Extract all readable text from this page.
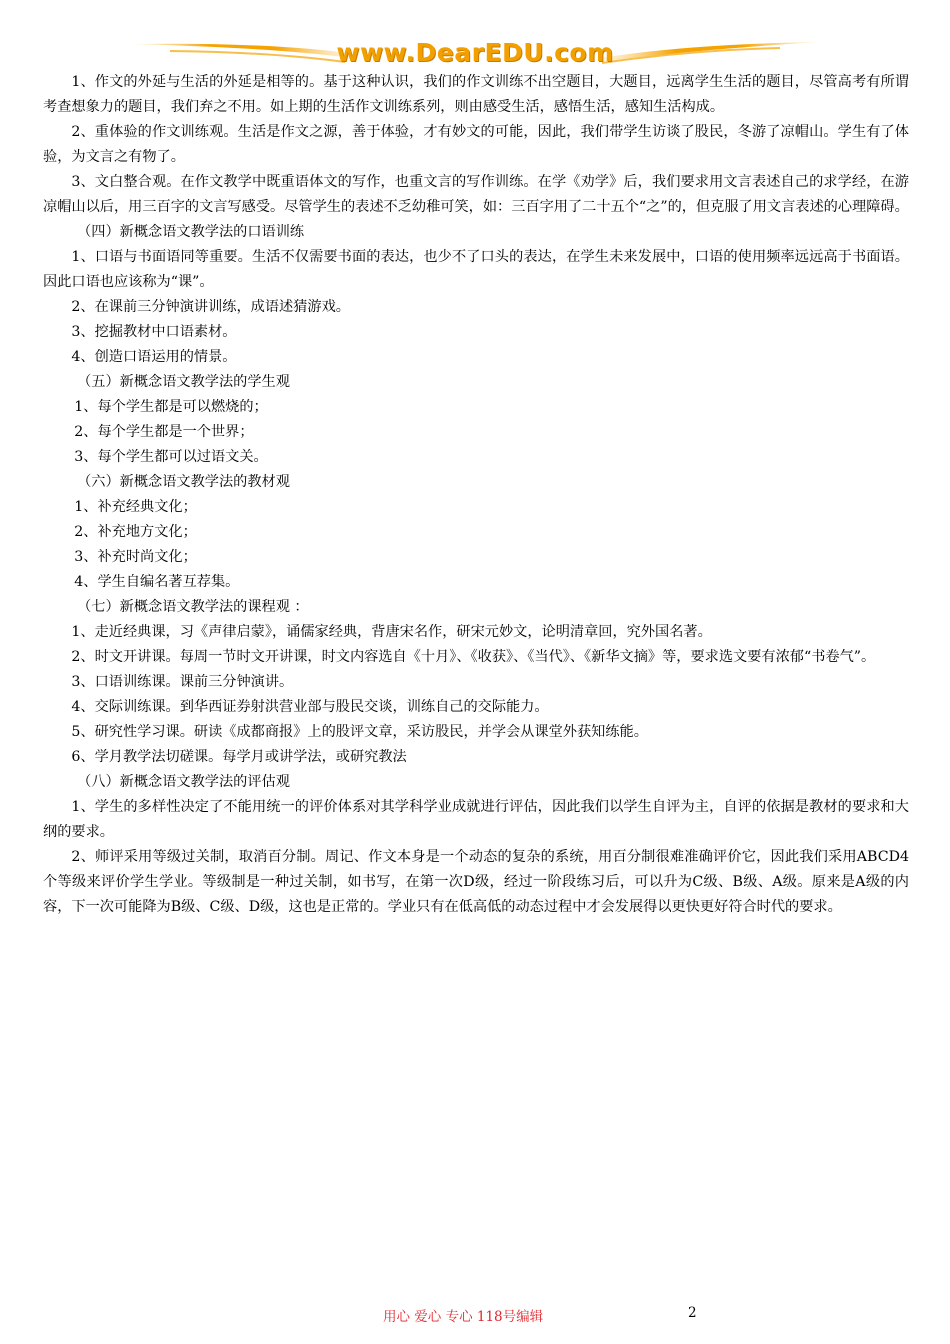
www.DearEDU.com

1、作文的外延与生活的外延是相等的。基于这种认识，我们的作文训练不出空题目，大题目，远离学生生活的题目，尽管高考有所谓考查想象力的题目，我们弃之不用。如上期的生活作文训练系列，则由感受生活，感悟生活，感知生活构成。

2、重体验的作文训练观。生活是作文之源，善于体验，才有妙文的可能，因此，我们带学生访谈了股民，冬游了凉帽山。学生有了体验，为文言之有物了。

3、文白整合观。在作文教学中既重语体文的写作，也重文言的写作训练。在学《劝学》后，我们要求用文言表述自己的求学经，在游凉帽山以后，用三百字的文言写感受。尽管学生的表述不乏幼稚可笑，如：三百字用了二十五个“之”的，但克服了用文言表述的心理障碍。

（四）新概念语文教学法的口语训练

1、口语与书面语同等重要。生活不仅需要书面的表达，也少不了口头的表达，在学生未来发展中，口语的使用频率远远高于书面语。因此口语也应该称为“课”。

2、在课前三分钟演讲训练，成语述猜游戏。

3、挖掘教材中口语素材。

4、创造口语运用的情景。

（五）新概念语文教学法的学生观

1、每个学生都是可以燃烧的；

2、每个学生都是一个世界；

3、每个学生都可以过语文关。

（六）新概念语文教学法的教材观

1、补充经典文化；

2、补充地方文化；

3、补充时尚文化；

4、学生自编名著互荐集。

（七）新概念语文教学法的课程观 ：

1、走近经典课，习《声律启蒙》，诵儒家经典，背唐宋名作，研宋元妙文，论明清章回，究外国名著。

2、时文开讲课。每周一节时文开讲课，时文内容选自《十月》、《收获》、《当代》、《新华文摘》等，要求选文要有浓郁“书卷气”。

3、口语训练课。课前三分钟演讲。

4、交际训练课。到华西证券射洪营业部与股民交谈，训练自己的交际能力。

5、研究性学习课。研读《成都商报》上的股评文章，采访股民，并学会从课堂外获知练能。

6、学月教学法切磋课。每学月或讲学法，或研究教法

（八）新概念语文教学法的评估观

1、学生的多样性决定了不能用统一的评价体系对其学科学业成就进行评估，因此我们以学生自评为主，自评的依据是教材的要求和大纲的要求。

2、师评采用等级过关制，取消百分制。周记、作文本身是一个动态的复杂的系统，用百分制很难准确评价它，因此我们采用ABCD4个等级来评价学生学业。等级制是一种过关制，如书写，在第一次D级，经过一阶段练习后，可以升为C级、B级、A级。原来是A级的内容，下一次可能降为B级、C级、D级，这也是正常的。学业只有在低高低的动态过程中才会发展得以更快更好符合时代的要求。

用心 爱心 专心 118号编辑	2
